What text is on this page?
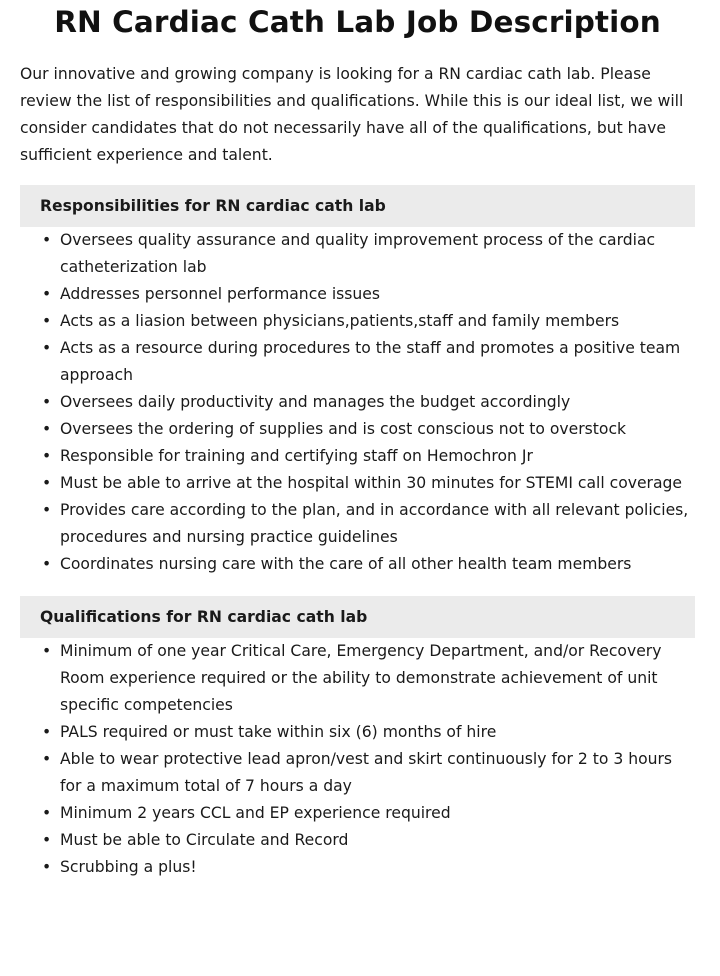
RN Cardiac Cath Lab Job Description

Our innovative and growing company is looking for a RN cardiac cath lab. Please review the list of responsibilities and qualifications. While this is our ideal list, we will consider candidates that do not necessarily have all of the qualifications, but have sufficient experience and talent.

Responsibilities for RN cardiac cath lab
• Oversees quality assurance and quality improvement process of the cardiac catheterization lab
• Addresses personnel performance issues
• Acts as a liasion between physicians,patients,staff and family members
• Acts as a resource during procedures to the staff and promotes a positive team approach
• Oversees daily productivity and manages the budget accordingly
• Oversees the ordering of supplies and is cost conscious not to overstock
• Responsible for training and certifying staff on Hemochron Jr
• Must be able to arrive at the hospital within 30 minutes for STEMI call coverage
• Provides care according to the plan, and in accordance with all relevant policies, procedures and nursing practice guidelines
• Coordinates nursing care with the care of all other health team members
Qualifications for RN cardiac cath lab
• Minimum of one year Critical Care, Emergency Department, and/or Recovery Room experience required or the ability to demonstrate achievement of unit specific competencies
• PALS required or must take within six (6) months of hire
• Able to wear protective lead apron/vest and skirt continuously for 2 to 3 hours for a maximum total of 7 hours a day
• Minimum 2 years CCL and EP experience required
• Must be able to Circulate and Record
• Scrubbing a plus!
